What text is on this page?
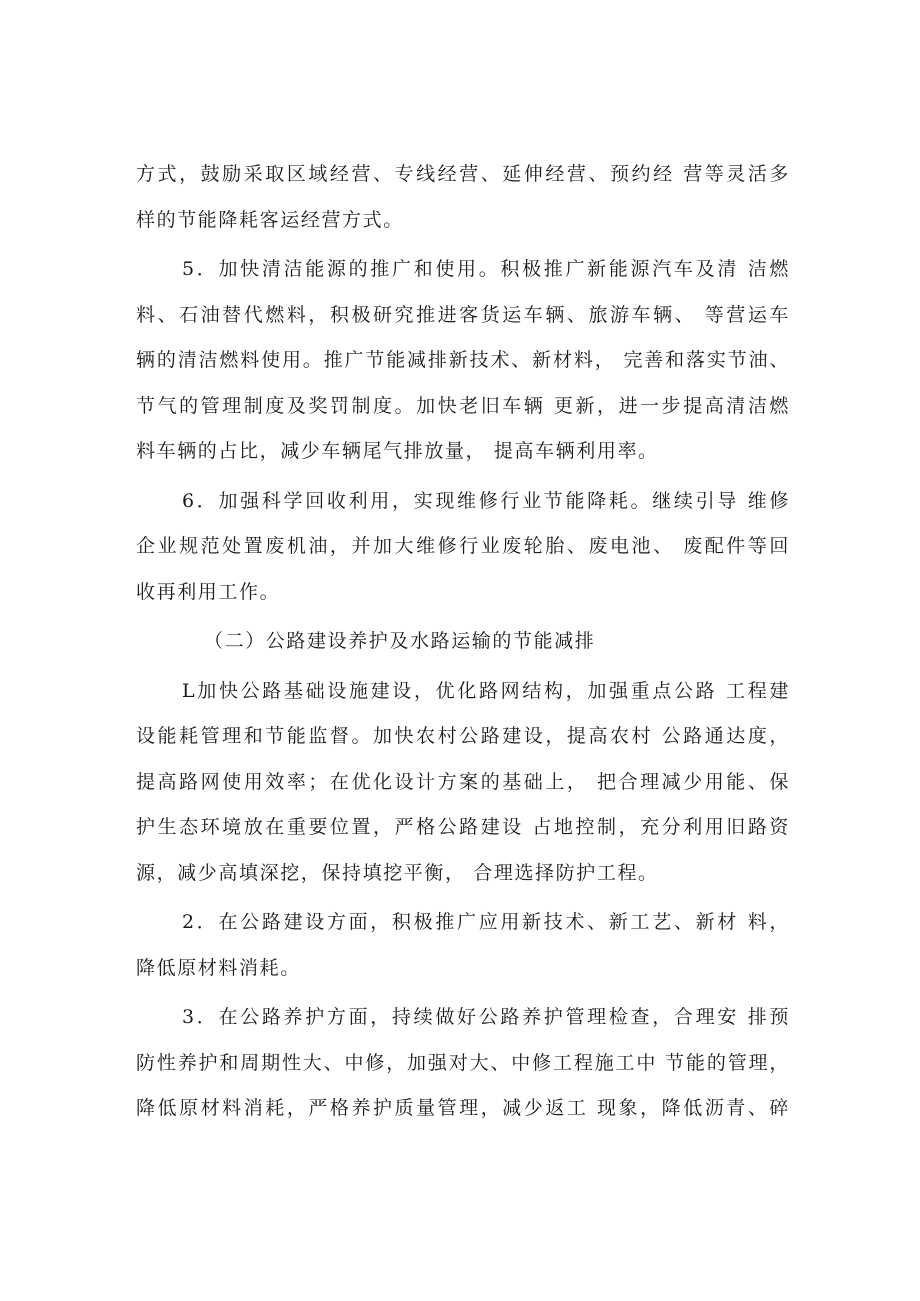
方式，鼓励采取区域经营、专线经营、延伸经营、预约经 营等灵活多
样的节能降耗客运经营方式。
5．加快清洁能源的推广和使用。积极推广新能源汽车及清 洁燃
料、石油替代燃料，积极研究推进客货运车辆、旅游车辆、 等营运车
辆的清洁燃料使用。推广节能减排新技术、新材料， 完善和落实节油、
节气的管理制度及奖罚制度。加快老旧车辆 更新，进一步提高清洁燃
料车辆的占比，减少车辆尾气排放量， 提高车辆利用率。
6．加强科学回收利用，实现维修行业节能降耗。继续引导 维修
企业规范处置废机油，并加大维修行业废轮胎、废电池、 废配件等回
收再利用工作。
（二）公路建设养护及水路运输的节能减排
L加快公路基础设施建设，优化路网结构，加强重点公路 工程建
设能耗管理和节能监督。加快农村公路建设，提高农村 公路通达度，
提高路网使用效率；在优化设计方案的基础上， 把合理减少用能、保
护生态环境放在重要位置，严格公路建设 占地控制，充分利用旧路资
源，减少高填深挖，保持填挖平衡， 合理选择防护工程。
2．在公路建设方面，积极推广应用新技术、新工艺、新材 料，
降低原材料消耗。
3．在公路养护方面，持续做好公路养护管理检查，合理安 排预
防性养护和周期性大、中修，加强对大、中修工程施工中 节能的管理，
降低原材料消耗，严格养护质量管理，减少返工 现象，降低沥青、碎
